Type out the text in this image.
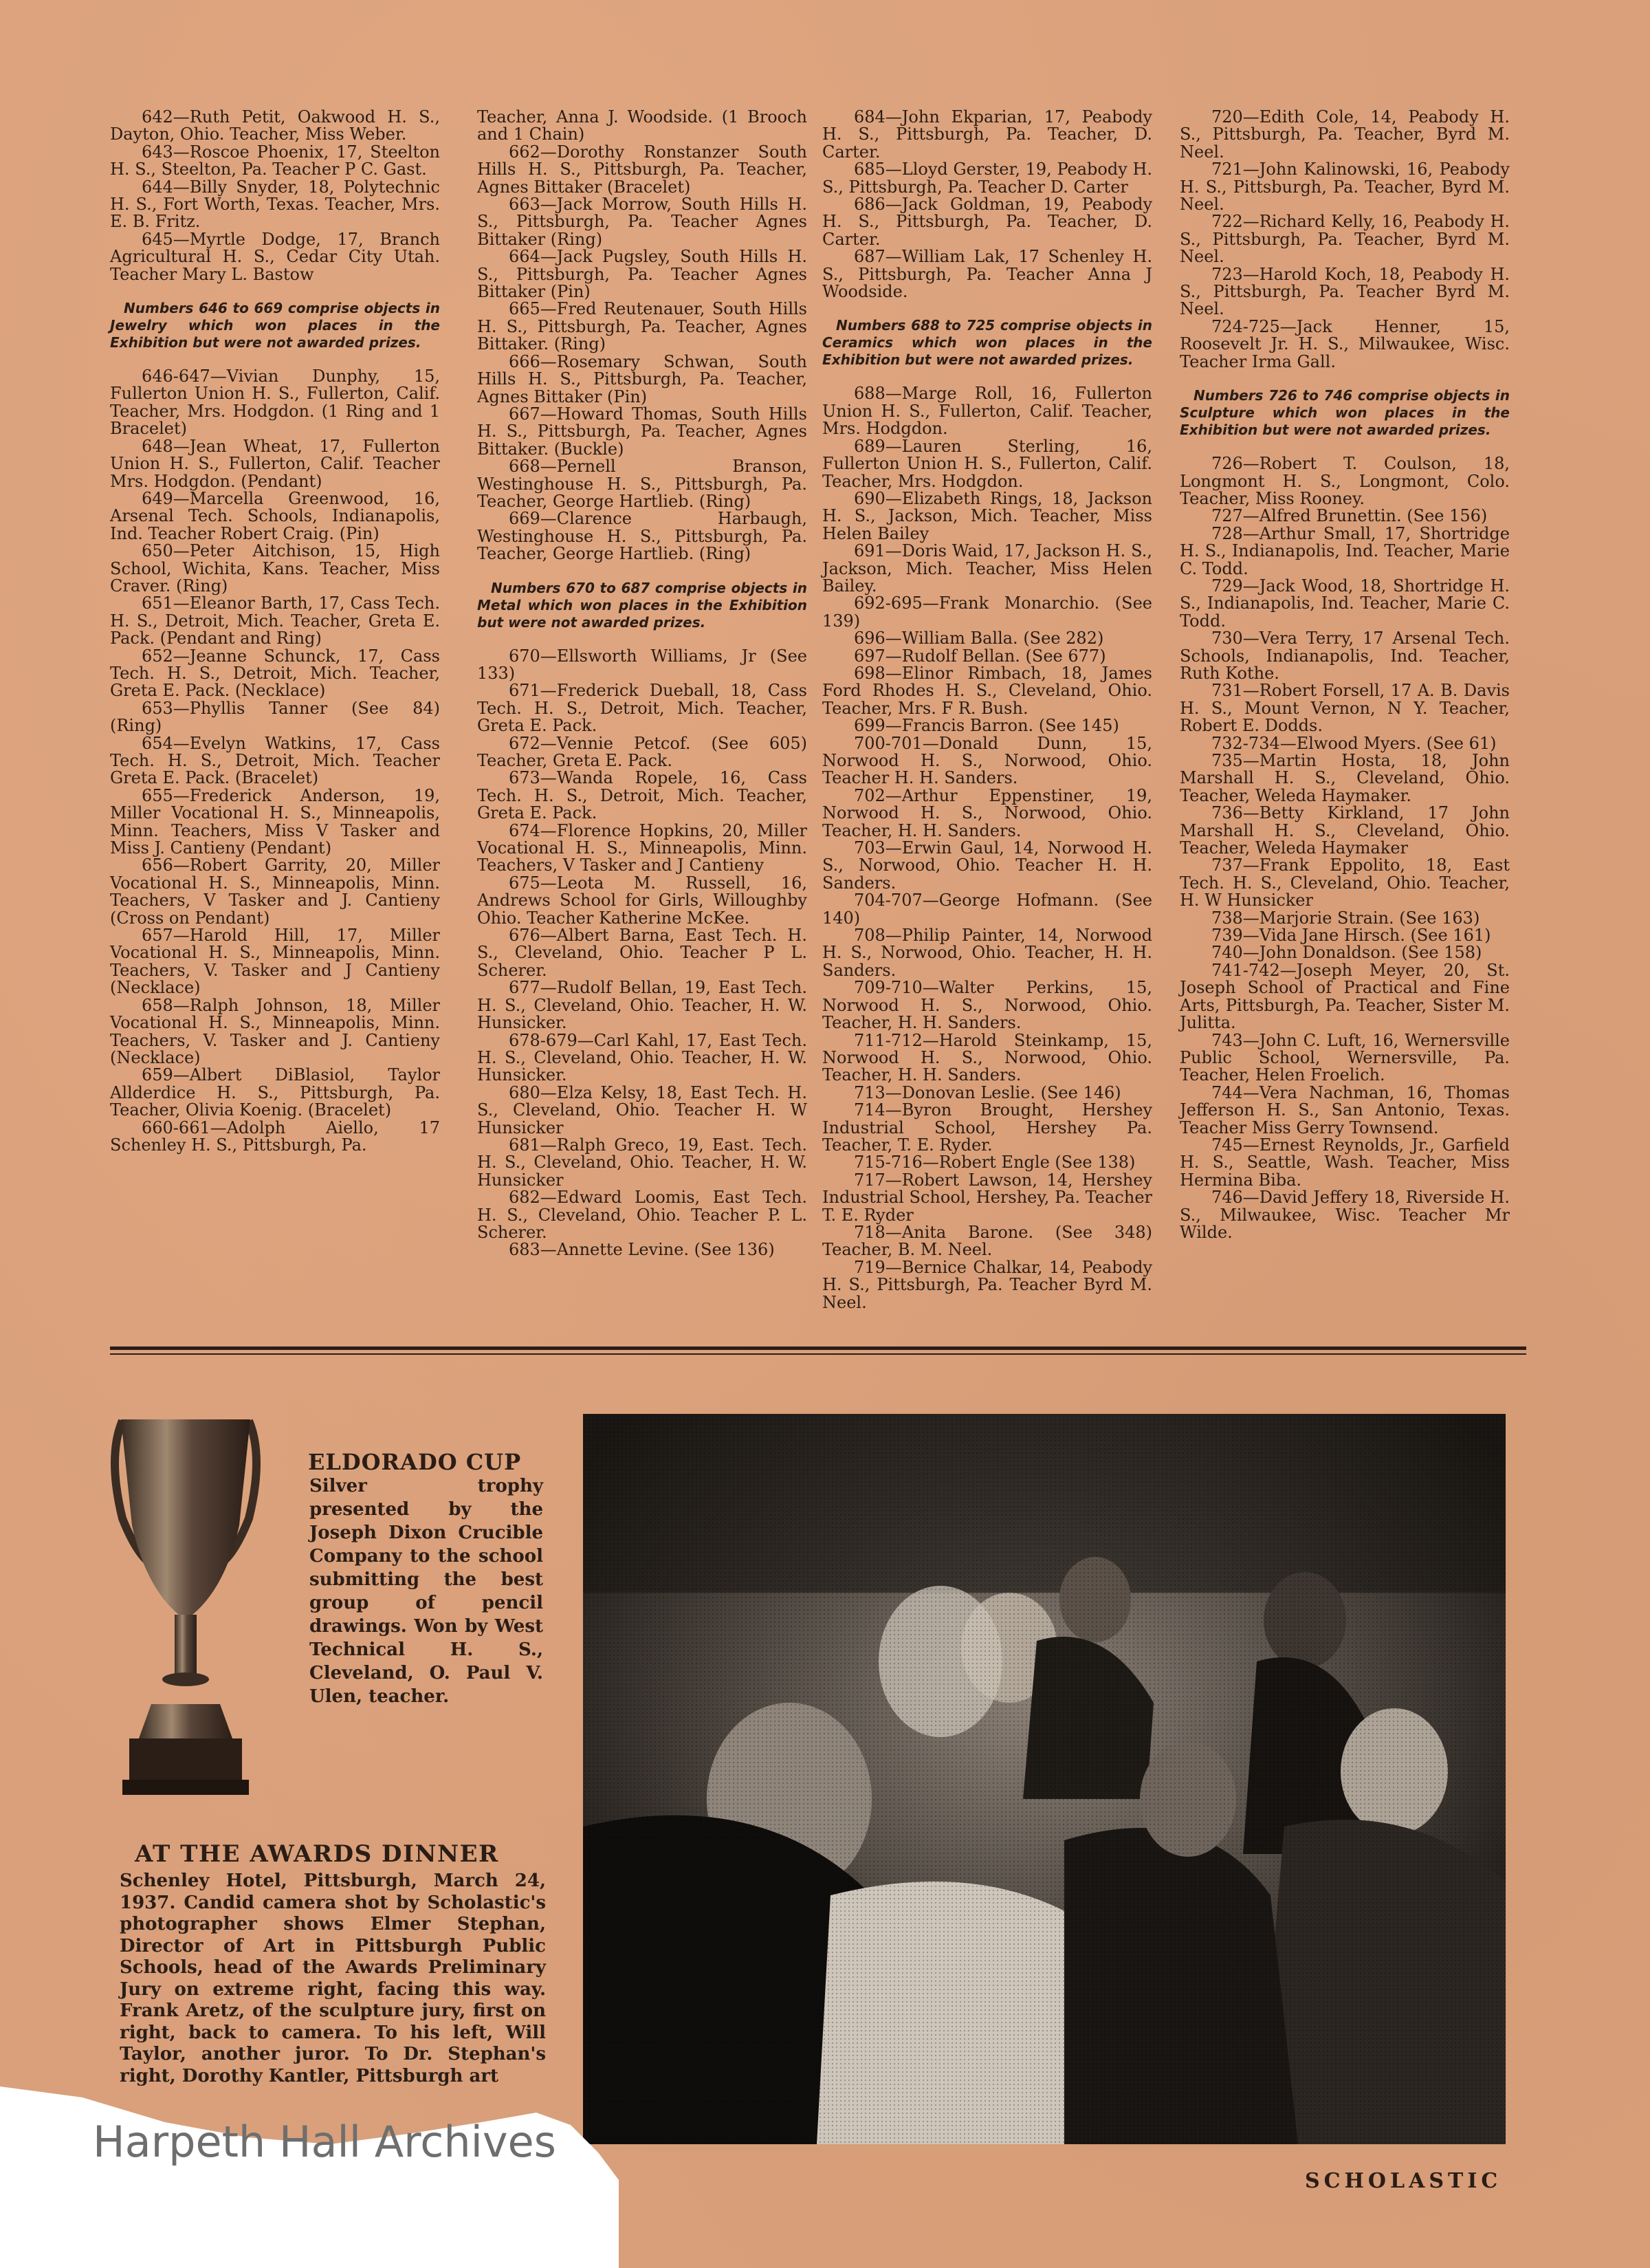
642—Ruth Petit, Oakwood H. S., Dayton, Ohio. Teacher, Miss Weber.

643—Roscoe Phoenix, 17, Steelton H. S., Steelton, Pa. Teacher P C. Gast.

644—Billy Snyder, 18, Polytechnic H. S., Fort Worth, Texas. Teacher, Mrs. E. B. Fritz.

645—Myrtle Dodge, 17, Branch Agricultural H. S., Cedar City Utah. Teacher Mary L. Bastow

Numbers 646 to 669 comprise objects in Jewelry which won places in the Exhibition but were not awarded prizes.

646-647—Vivian Dunphy, 15, Fullerton Union H. S., Fullerton, Calif. Teacher, Mrs. Hodgdon. (1 Ring and 1 Bracelet)

648—Jean Wheat, 17, Fullerton Union H. S., Fullerton, Calif. Teacher Mrs. Hodgdon. (Pendant)

649—Marcella Greenwood, 16, Arsenal Tech. Schools, Indianapolis, Ind. Teacher Robert Craig. (Pin)

650—Peter Aitchison, 15, High School, Wichita, Kans. Teacher, Miss Craver. (Ring)

651—Eleanor Barth, 17, Cass Tech. H. S., Detroit, Mich. Teacher, Greta E. Pack. (Pendant and Ring)

652—Jeanne Schunck, 17, Cass Tech. H. S., Detroit, Mich. Teacher, Greta E. Pack. (Necklace)

653—Phyllis Tanner (See 84) (Ring)

654—Evelyn Watkins, 17, Cass Tech. H. S., Detroit, Mich. Teacher Greta E. Pack. (Bracelet)

655—Frederick Anderson, 19, Miller Vocational H. S., Minneapolis, Minn. Teachers, Miss V Tasker and Miss J. Cantieny (Pendant)

656—Robert Garrity, 20, Miller Vocational H. S., Minneapolis, Minn. Teachers, V Tasker and J. Cantieny (Cross on Pendant)

657—Harold Hill, 17, Miller Vocational H. S., Minneapolis, Minn. Teachers, V. Tasker and J Cantieny (Necklace)

658—Ralph Johnson, 18, Miller Vocational H. S., Minneapolis, Minn. Teachers, V. Tasker and J. Cantieny (Necklace)

659—Albert DiBlasiol, Taylor Allderdice H. S., Pittsburgh, Pa. Teacher, Olivia Koenig. (Bracelet)

660-661—Adolph Aiello, 17 Schenley H. S., Pittsburgh, Pa.

Teacher, Anna J. Woodside. (1 Brooch and 1 Chain)

662—Dorothy Ronstanzer South Hills H. S., Pittsburgh, Pa. Teacher, Agnes Bittaker (Bracelet)

663—Jack Morrow, South Hills H. S., Pittsburgh, Pa. Teacher Agnes Bittaker (Ring)

664—Jack Pugsley, South Hills H. S., Pittsburgh, Pa. Teacher Agnes Bittaker (Pin)

665—Fred Reutenauer, South Hills H. S., Pittsburgh, Pa. Teacher, Agnes Bittaker. (Ring)

666—Rosemary Schwan, South Hills H. S., Pittsburgh, Pa. Teacher, Agnes Bittaker (Pin)

667—Howard Thomas, South Hills H. S., Pittsburgh, Pa. Teacher, Agnes Bittaker. (Buckle)

668—Pernell Branson, Westinghouse H. S., Pittsburgh, Pa. Teacher, George Hartlieb. (Ring)

669—Clarence Harbaugh, Westinghouse H. S., Pittsburgh, Pa. Teacher, George Hartlieb. (Ring)

Numbers 670 to 687 comprise objects in Metal which won places in the Exhibition but were not awarded prizes.

670—Ellsworth Williams, Jr (See 133)

671—Frederick Dueball, 18, Cass Tech. H. S., Detroit, Mich. Teacher, Greta E. Pack.

672—Vennie Petcof. (See 605) Teacher, Greta E. Pack.

673—Wanda Ropele, 16, Cass Tech. H. S., Detroit, Mich. Teacher, Greta E. Pack.

674—Florence Hopkins, 20, Miller Vocational H. S., Minneapolis, Minn. Teachers, V Tasker and J Cantieny

675—Leota M. Russell, 16, Andrews School for Girls, Willoughby Ohio. Teacher Katherine McKee.

676—Albert Barna, East Tech. H. S., Cleveland, Ohio. Teacher P L. Scherer.

677—Rudolf Bellan, 19, East Tech. H. S., Cleveland, Ohio. Teacher, H. W. Hunsicker.

678-679—Carl Kahl, 17, East Tech. H. S., Cleveland, Ohio. Teacher, H. W. Hunsicker.

680—Elza Kelsy, 18, East Tech. H. S., Cleveland, Ohio. Teacher H. W Hunsicker

681—Ralph Greco, 19, East. Tech. H. S., Cleveland, Ohio. Teacher, H. W. Hunsicker

682—Edward Loomis, East Tech. H. S., Cleveland, Ohio. Teacher P. L. Scherer.

683—Annette Levine. (See 136)

684—John Ekparian, 17, Peabody H. S., Pittsburgh, Pa. Teacher, D. Carter.

685—Lloyd Gerster, 19, Peabody H. S., Pittsburgh, Pa. Teacher D. Carter

686—Jack Goldman, 19, Peabody H. S., Pittsburgh, Pa. Teacher, D. Carter.

687—William Lak, 17 Schenley H. S., Pittsburgh, Pa. Teacher Anna J Woodside.

Numbers 688 to 725 comprise objects in Ceramics which won places in the Exhibition but were not awarded prizes.

688—Marge Roll, 16, Fullerton Union H. S., Fullerton, Calif. Teacher, Mrs. Hodgdon.

689—Lauren Sterling, 16, Fullerton Union H. S., Fullerton, Calif. Teacher, Mrs. Hodgdon.

690—Elizabeth Rings, 18, Jackson H. S., Jackson, Mich. Teacher, Miss Helen Bailey

691—Doris Waid, 17, Jackson H. S., Jackson, Mich. Teacher, Miss Helen Bailey.

692-695—Frank Monarchio. (See 139)

696—William Balla. (See 282)

697—Rudolf Bellan. (See 677)

698—Elinor Rimbach, 18, James Ford Rhodes H. S., Cleveland, Ohio. Teacher, Mrs. F R. Bush.

699—Francis Barron. (See 145)

700-701—Donald Dunn, 15, Norwood H. S., Norwood, Ohio. Teacher H. H. Sanders.

702—Arthur Eppenstiner, 19, Norwood H. S., Norwood, Ohio. Teacher, H. H. Sanders.

703—Erwin Gaul, 14, Norwood H. S., Norwood, Ohio. Teacher H. H. Sanders.

704-707—George Hofmann. (See 140)

708—Philip Painter, 14, Norwood H. S., Norwood, Ohio. Teacher, H. H. Sanders.

709-710—Walter Perkins, 15, Norwood H. S., Norwood, Ohio. Teacher, H. H. Sanders.

711-712—Harold Steinkamp, 15, Norwood H. S., Norwood, Ohio. Teacher, H. H. Sanders.

713—Donovan Leslie. (See 146)

714—Byron Brought, Hershey Industrial School, Hershey Pa. Teacher, T. E. Ryder.

715-716—Robert Engle (See 138)

717—Robert Lawson, 14, Hershey Industrial School, Hershey, Pa. Teacher T. E. Ryder

718—Anita Barone. (See 348) Teacher, B. M. Neel.

719—Bernice Chalkar, 14, Peabody H. S., Pittsburgh, Pa. Teacher Byrd M. Neel.

720—Edith Cole, 14, Peabody H. S., Pittsburgh, Pa. Teacher, Byrd M. Neel.

721—John Kalinowski, 16, Peabody H. S., Pittsburgh, Pa. Teacher, Byrd M. Neel.

722—Richard Kelly, 16, Peabody H. S., Pittsburgh, Pa. Teacher, Byrd M. Neel.

723—Harold Koch, 18, Peabody H. S., Pittsburgh, Pa. Teacher Byrd M. Neel.

724-725—Jack Henner, 15, Roosevelt Jr. H. S., Milwaukee, Wisc. Teacher Irma Gall.

Numbers 726 to 746 comprise objects in Sculpture which won places in the Exhibition but were not awarded prizes.

726—Robert T. Coulson, 18, Longmont H. S., Longmont, Colo. Teacher, Miss Rooney.

727—Alfred Brunettin. (See 156)

728—Arthur Small, 17, Shortridge H. S., Indianapolis, Ind. Teacher, Marie C. Todd.

729—Jack Wood, 18, Shortridge H. S., Indianapolis, Ind. Teacher, Marie C. Todd.

730—Vera Terry, 17 Arsenal Tech. Schools, Indianapolis, Ind. Teacher, Ruth Kothe.

731—Robert Forsell, 17 A. B. Davis H. S., Mount Vernon, N Y. Teacher, Robert E. Dodds.

732-734—Elwood Myers. (See 61)

735—Martin Hosta, 18, John Marshall H. S., Cleveland, Ohio. Teacher, Weleda Haymaker.

736—Betty Kirkland, 17 John Marshall H. S., Cleveland, Ohio. Teacher, Weleda Haymaker

737—Frank Eppolito, 18, East Tech. H. S., Cleveland, Ohio. Teacher, H. W Hunsicker

738—Marjorie Strain. (See 163)

739—Vida Jane Hirsch. (See 161)

740—John Donaldson. (See 158)

741-742—Joseph Meyer, 20, St. Joseph School of Practical and Fine Arts, Pittsburgh, Pa. Teacher, Sister M. Julitta.

743—John C. Luft, 16, Wernersville Public School, Wernersville, Pa. Teacher, Helen Froelich.

744—Vera Nachman, 16, Thomas Jefferson H. S., San Antonio, Texas. Teacher Miss Gerry Townsend.

745—Ernest Reynolds, Jr., Garfield H. S., Seattle, Wash. Teacher, Miss Hermina Biba.

746—David Jeffery 18, Riverside H. S., Milwaukee, Wisc. Teacher Mr Wilde.

ELDORADO CUP
Silver trophy presented by the Joseph Dixon Crucible Company to the school submitting the best group of pencil drawings. Won by West Technical H. S., Cleveland, O. Paul V. Ulen, teacher.
AT THE AWARDS DINNER
Schenley Hotel, Pittsburgh, March 24, 1937. Candid camera shot by Scholastic's photographer shows Elmer Stephan, Director of Art in Pittsburgh Public Schools, head of the Awards Preliminary Jury on extreme right, facing this way. Frank Aretz, of the sculpture jury, first on right, back to camera. To his left, Will Taylor, another juror. To Dr. Stephan's right, Dorothy Kantler, Pittsburgh art
Harpeth Hall Archives
SCHOLASTIC
